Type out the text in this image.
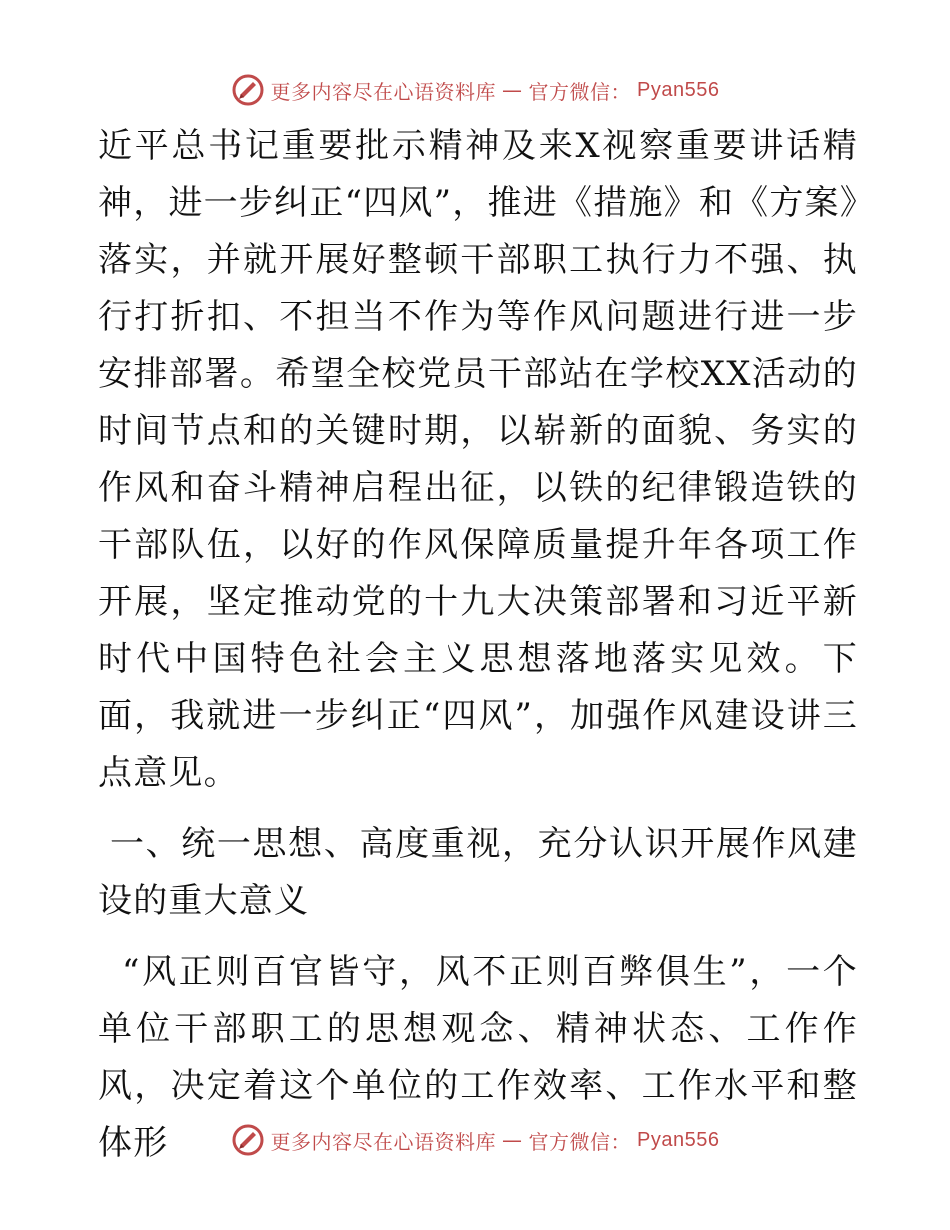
更多内容尽在心语资料库 — 官方微信： Pyan556

近平总书记重要批示精神及来X视察重要讲话精神，进一步纠正“四风”，推进《措施》和《方案》落实，并就开展好整顿干部职工执行力不强、执行打折扣、不担当不作为等作风问题进行进一步安排部署。希望全校党员干部站在学校XX活动的时间节点和的关键时期，以崭新的面貌、务实的作风和奋斗精神启程出征，以铁的纪律锻造铁的干部队伍，以好的作风保障质量提升年各项工作开展，坚定推动党的十九大决策部署和习近平新时代中国特色社会主义思想落地落实见效。下面，我就进一步纠正“四风”，加强作风建设讲三点意见。

一、统一思想、高度重视，充分认识开展作风建设的重大意义

“风正则百官皆守，风不正则百弊俱生”，一个单位干部职工的思想观念、精神状态、工作作风，决定着这个单位的工作效率、工作水平和整体形	更多内容尽在心语资料库 — 官方微信： Pyan556
